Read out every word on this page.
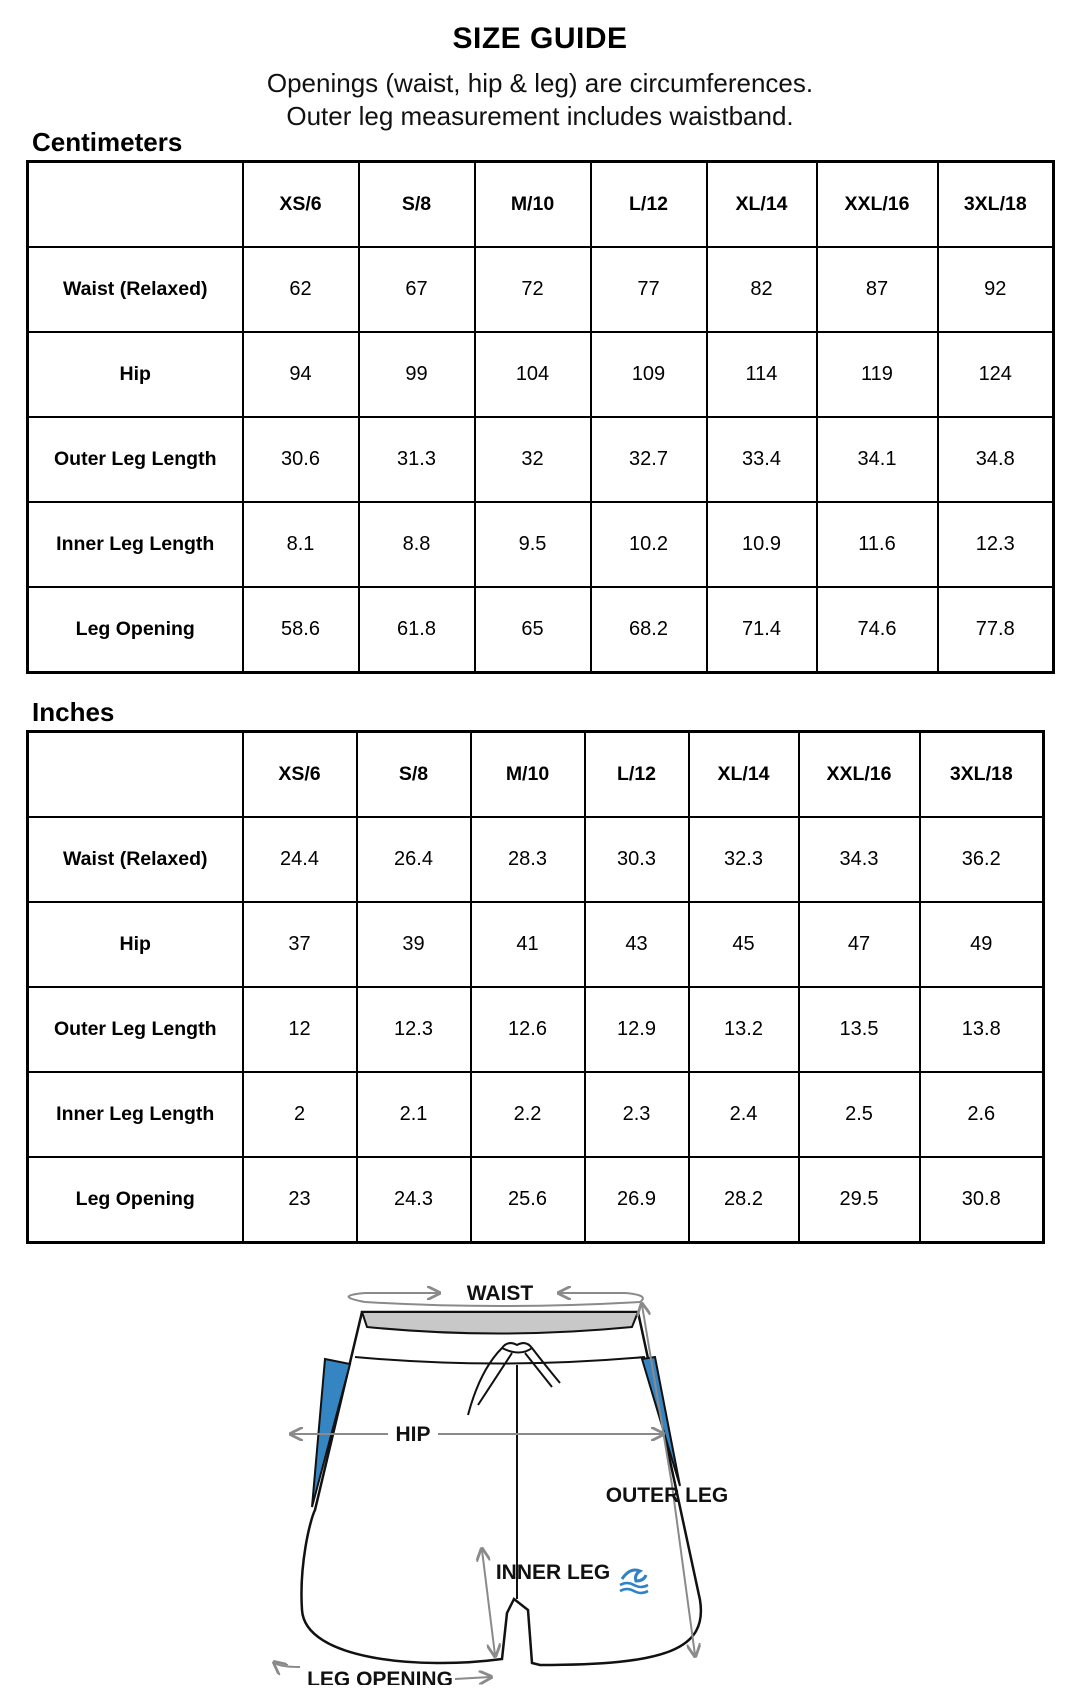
SIZE GUIDE
Openings (waist, hip & leg) are circumferences.
Outer leg measurement includes waistband.
Centimeters
	XS/6	S/8	M/10	L/12	XL/14	XXL/16	3XL/18
Waist (Relaxed)	62	67	72	77	82	87	92
Hip	94	99	104	109	114	119	124
Outer Leg Length	30.6	31.3	32	32.7	33.4	34.1	34.8
Inner Leg Length	8.1	8.8	9.5	10.2	10.9	11.6	12.3
Leg Opening	58.6	61.8	65	68.2	71.4	74.6	77.8
Inches
	XS/6	S/8	M/10	L/12	XL/14	XXL/16	3XL/18
Waist (Relaxed)	24.4	26.4	28.3	30.3	32.3	34.3	36.2
Hip	37	39	41	43	45	47	49
Outer Leg Length	12	12.3	12.6	12.9	13.2	13.5	13.8
Inner Leg Length	2	2.1	2.2	2.3	2.4	2.5	2.6
Leg Opening	23	24.3	25.6	26.9	28.2	29.5	30.8
WAIST
HIP
OUTER LEG
INNER LEG
LEG OPENING
